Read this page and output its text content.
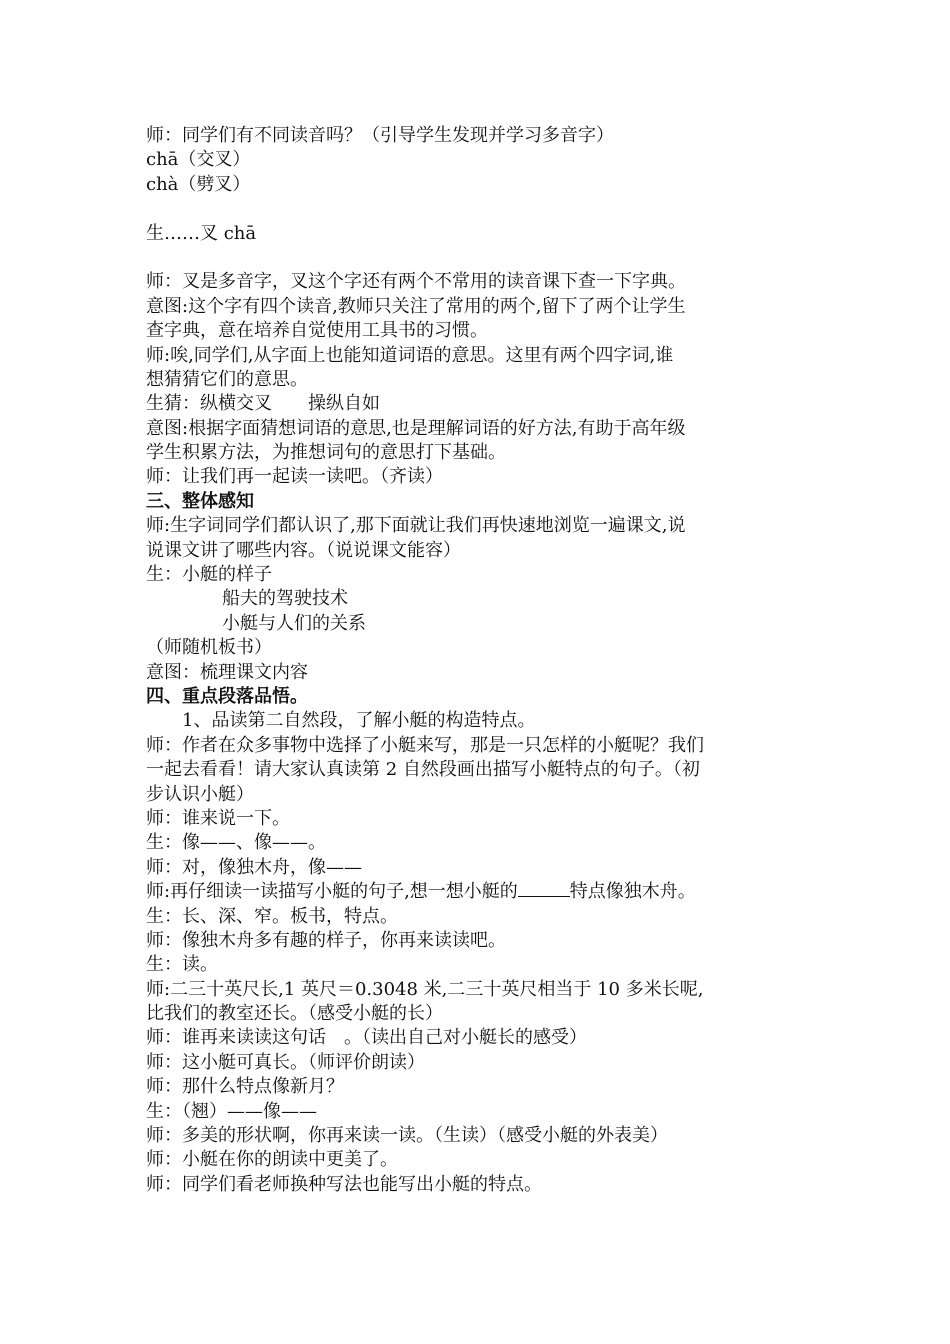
师：同学们有不同读音吗？（引导学生发现并学习多音字）
chā（交叉）
chà（劈叉）
生……叉 chā
师：叉是多音字，叉这个字还有两个不常用的读音课下查一下字典。
意图:这个字有四个读音,教师只关注了常用的两个,留下了两个让学生
查字典，意在培养自觉使用工具书的习惯。
师:唉,同学们,从字面上也能知道词语的意思。这里有两个四字词,谁
想猜猜它们的意思。
生猜：纵横交叉　　操纵自如
意图:根据字面猜想词语的意思,也是理解词语的好方法,有助于高年级
学生积累方法，为推想词句的意思打下基础。
师：让我们再一起读一读吧。（齐读）
三、整体感知
师:生字词同学们都认识了,那下面就让我们再快速地浏览一遍课文,说
说课文讲了哪些内容。（说说课文能容）
生：小艇的样子
船夫的驾驶技术
小艇与人们的关系
（师随机板书）
意图：梳理课文内容
四、重点段落品悟。
1、品读第二自然段，了解小艇的构造特点。
师：作者在众多事物中选择了小艇来写，那是一只怎样的小艇呢？我们
一起去看看！请大家认真读第 2 自然段画出描写小艇特点的句子。（初
步认识小艇）
师：谁来说一下。
生：像——、像——。
师：对，像独木舟，像——
师:再仔细读一读描写小艇的句子,想一想小艇的	特点像独木舟。
生：长、深、窄。板书，特点。
师：像独木舟多有趣的样子，你再来读读吧。
生：读。
师:二三十英尺长,1 英尺＝0.3048 米,二三十英尺相当于 10 多米长呢,
比我们的教室还长。（感受小艇的长）
师：谁再来读读这句话　。（读出自己对小艇长的感受）
师：这小艇可真长。（师评价朗读）
师：那什么特点像新月？
生：（翘）——像——
师：多美的形状啊，你再来读一读。（生读）（感受小艇的外表美）
师：小艇在你的朗读中更美了。
师：同学们看老师换种写法也能写出小艇的特点。
